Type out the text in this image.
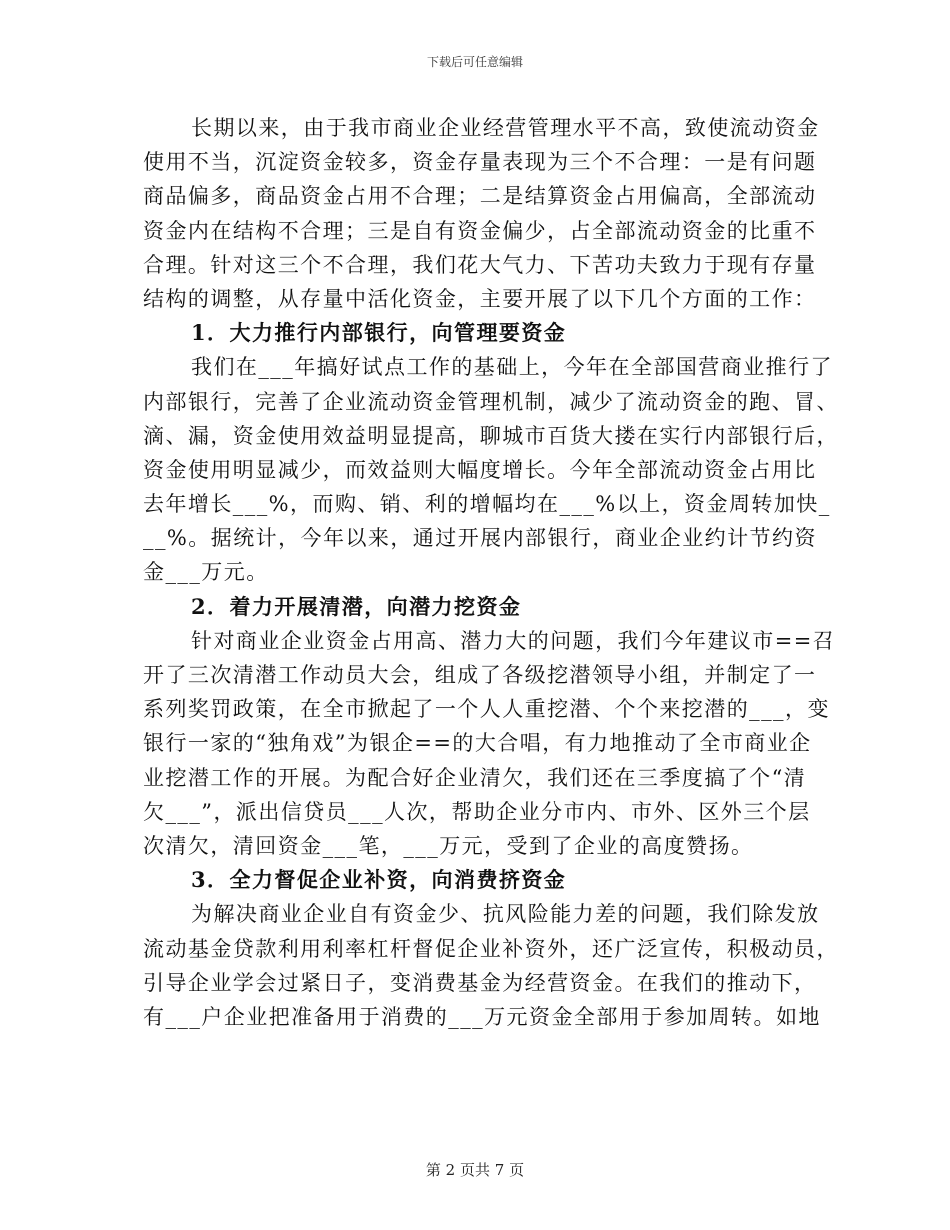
下载后可任意编辑
长期以来，由于我市商业企业经营管理水平不高，致使流动资金
使用不当，沉淀资金较多，资金存量表现为三个不合理：一是有问题
商品偏多，商品资金占用不合理；二是结算资金占用偏高，全部流动
资金内在结构不合理；三是自有资金偏少，占全部流动资金的比重不
合理。针对这三个不合理，我们花大气力、下苦功夫致力于现有存量
结构的调整，从存量中活化资金，主要开展了以下几个方面的工作：
1．大力推行内部银行，向管理要资金
我们在___年搞好试点工作的基础上，今年在全部国营商业推行了
内部银行，完善了企业流动资金管理机制，减少了流动资金的跑、冒、
滴、漏，资金使用效益明显提高，聊城市百货大搂在实行内部银行后，
资金使用明显减少，而效益则大幅度增长。今年全部流动资金占用比
去年增长___%，而购、销、利的增幅均在___%以上，资金周转加快_
__%。据统计，今年以来，通过开展内部银行，商业企业约计节约资
金___万元。
2．着力开展清潜，向潜力挖资金
针对商业企业资金占用高、潜力大的问题，我们今年建议市==召
开了三次清潜工作动员大会，组成了各级挖潜领导小组，并制定了一
系列奖罚政策，在全市掀起了一个人人重挖潜、个个来挖潜的___，变
银行一家的“独角戏”为银企==的大合唱，有力地推动了全市商业企
业挖潜工作的开展。为配合好企业清欠，我们还在三季度搞了个“清
欠___”，派出信贷员___人次，帮助企业分市内、市外、区外三个层
次清欠，清回资金___笔，___万元，受到了企业的高度赞扬。
3．全力督促企业补资，向消费挤资金
为解决商业企业自有资金少、抗风险能力差的问题，我们除发放
流动基金贷款利用利率杠杆督促企业补资外，还广泛宣传，积极动员，
引导企业学会过紧日子，变消费基金为经营资金。在我们的推动下，
有___户企业把准备用于消费的___万元资金全部用于参加周转。如地
第 2 页共 7 页
